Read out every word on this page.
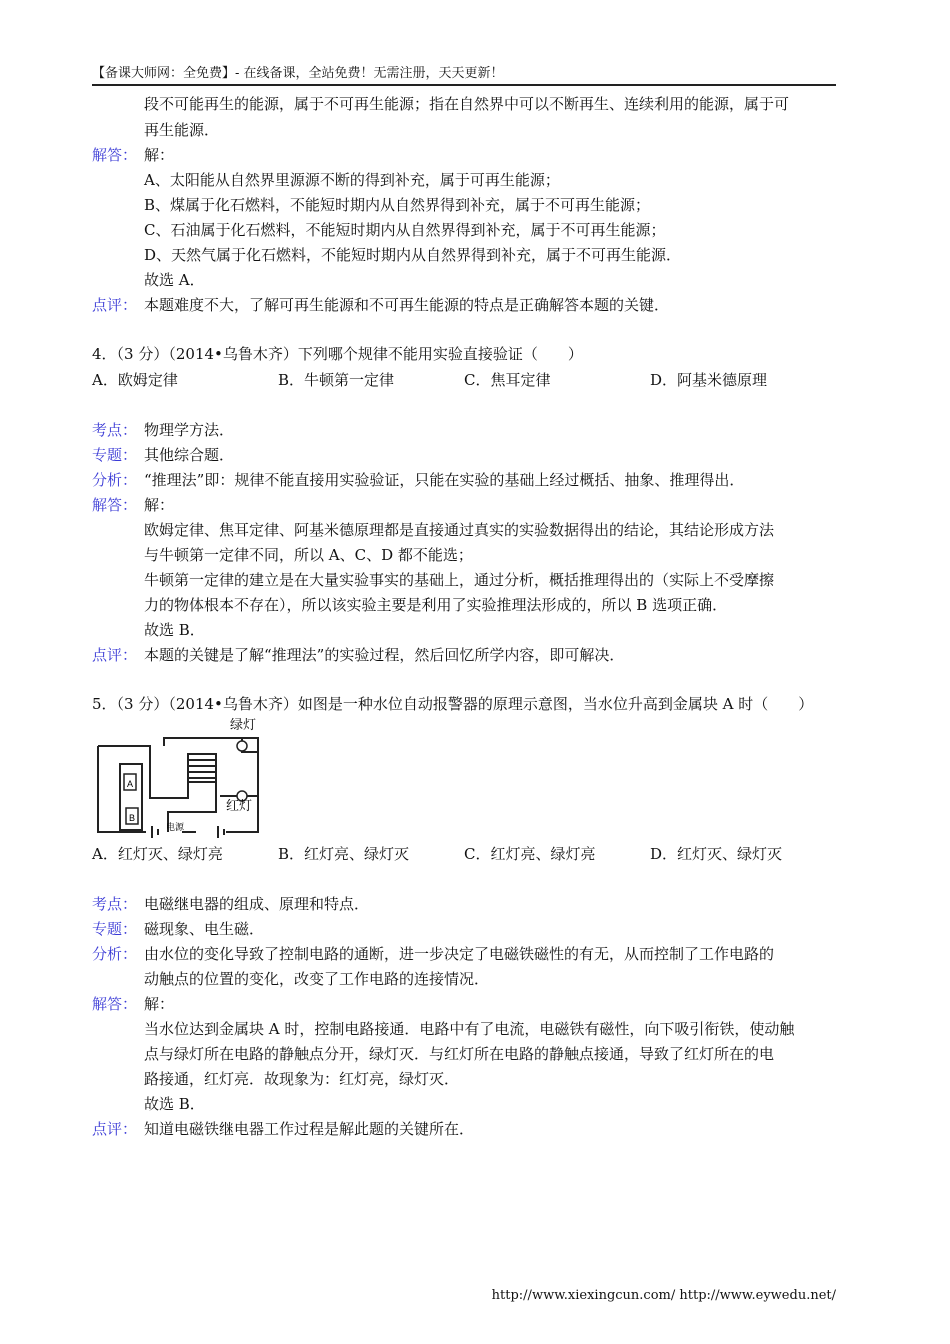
【备课大师网：全免费】- 在线备课，全站免费！无需注册，天天更新！
段不可能再生的能源，属于不可再生能源；指在自然界中可以不断再生、连续利用的能源，属于可
再生能源．
解答： 解：
A、太阳能从自然界里源源不断的得到补充，属于可再生能源；
B、煤属于化石燃料，不能短时期内从自然界得到补充，属于不可再生能源；
C、石油属于化石燃料，不能短时期内从自然界得到补充，属于不可再生能源；
D、天然气属于化石燃料，不能短时期内从自然界得到补充，属于不可再生能源．
故选 A．
点评： 本题难度不大，了解可再生能源和不可再生能源的特点是正确解答本题的关键．
4．（3 分）（2014•乌鲁木齐）下列哪个规律不能用实验直接验证（　　）
A．欧姆定律	B．牛顿第一定律	C．焦耳定律	D．阿基米德原理
考点： 物理学方法．
专题： 其他综合题．
分析： “推理法”即：规律不能直接用实验验证，只能在实验的基础上经过概括、抽象、推理得出．
解答： 解：
欧姆定律、焦耳定律、阿基米德原理都是直接通过真实的实验数据得出的结论，其结论形成方法
与牛顿第一定律不同，所以 A、C、D 都不能选；
牛顿第一定律的建立是在大量实验事实的基础上，通过分析，概括推理得出的（实际上不受摩擦
力的物体根本不存在），所以该实验主要是利用了实验推理法形成的，所以 B 选项正确．
故选 B．
点评： 本题的关键是了解“推理法”的实验过程，然后回忆所学内容，即可解决．
5．（3 分）（2014•乌鲁木齐）如图是一种水位自动报警器的原理示意图，当水位升高到金属块 A 时（　　）
A
B
绿灯
红灯
电源
A．红灯灭、绿灯亮	B．红灯亮、绿灯灭	C．红灯亮、绿灯亮	D．红灯灭、绿灯灭
考点： 电磁继电器的组成、原理和特点．
专题： 磁现象、电生磁．
分析： 由水位的变化导致了控制电路的通断，进一步决定了电磁铁磁性的有无，从而控制了工作电路的
动触点的位置的变化，改变了工作电路的连接情况．
解答： 解：
当水位达到金属块 A 时，控制电路接通．电路中有了电流，电磁铁有磁性，向下吸引衔铁，使动触
点与绿灯所在电路的静触点分开，绿灯灭．与红灯所在电路的静触点接通，导致了红灯所在的电
路接通，红灯亮．故现象为：红灯亮，绿灯灭．
故选 B．
点评： 知道电磁铁继电器工作过程是解此题的关键所在．
http://www.xiexingcun.com/ http://www.eywedu.net/
